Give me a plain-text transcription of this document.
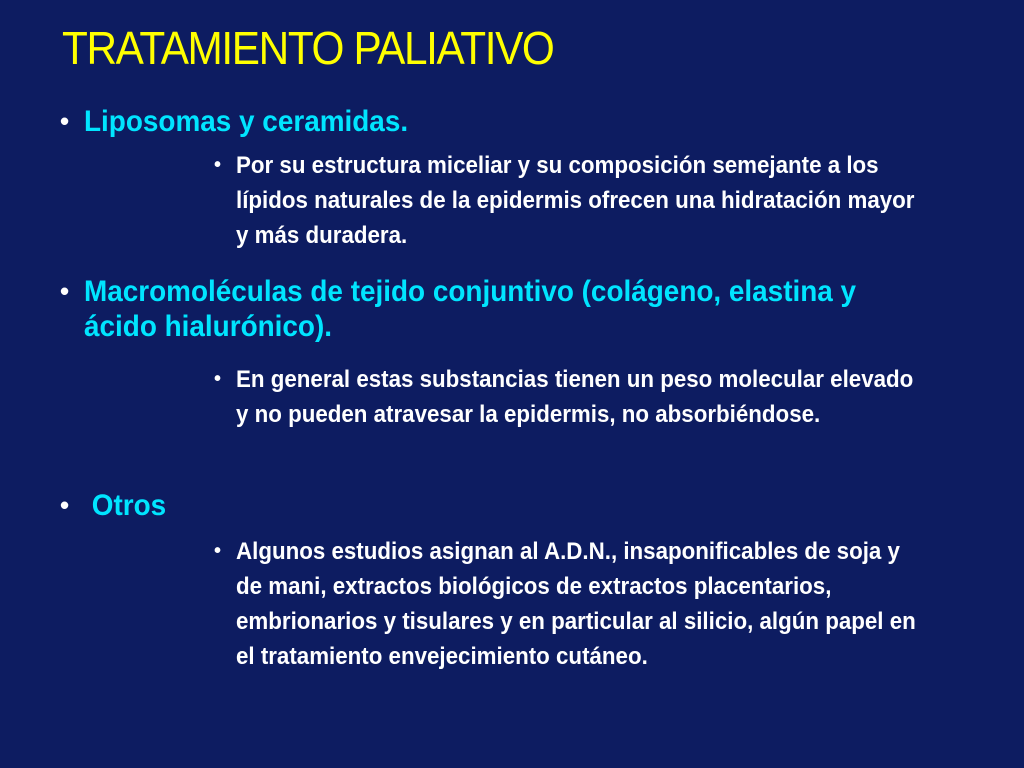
TRATAMIENTO PALIATIVO
• Liposomas y ceramidas.
• Por su estructura miceliar y su composición semejante a los lípidos naturales de la epidermis ofrecen una hidratación mayor y más duradera.
• Macromoléculas de tejido conjuntivo (colágeno, elastina y ácido hialurónico).
• En general estas substancias tienen un peso molecular elevado y no pueden atravesar la epidermis, no absorbiéndose.
• Otros
• Algunos estudios asignan al A.D.N., insaponificables de soja y de mani, extractos biológicos de extractos placentarios, embrionarios y tisulares y en particular al silicio, algún papel en el tratamiento envejecimiento cutáneo.
